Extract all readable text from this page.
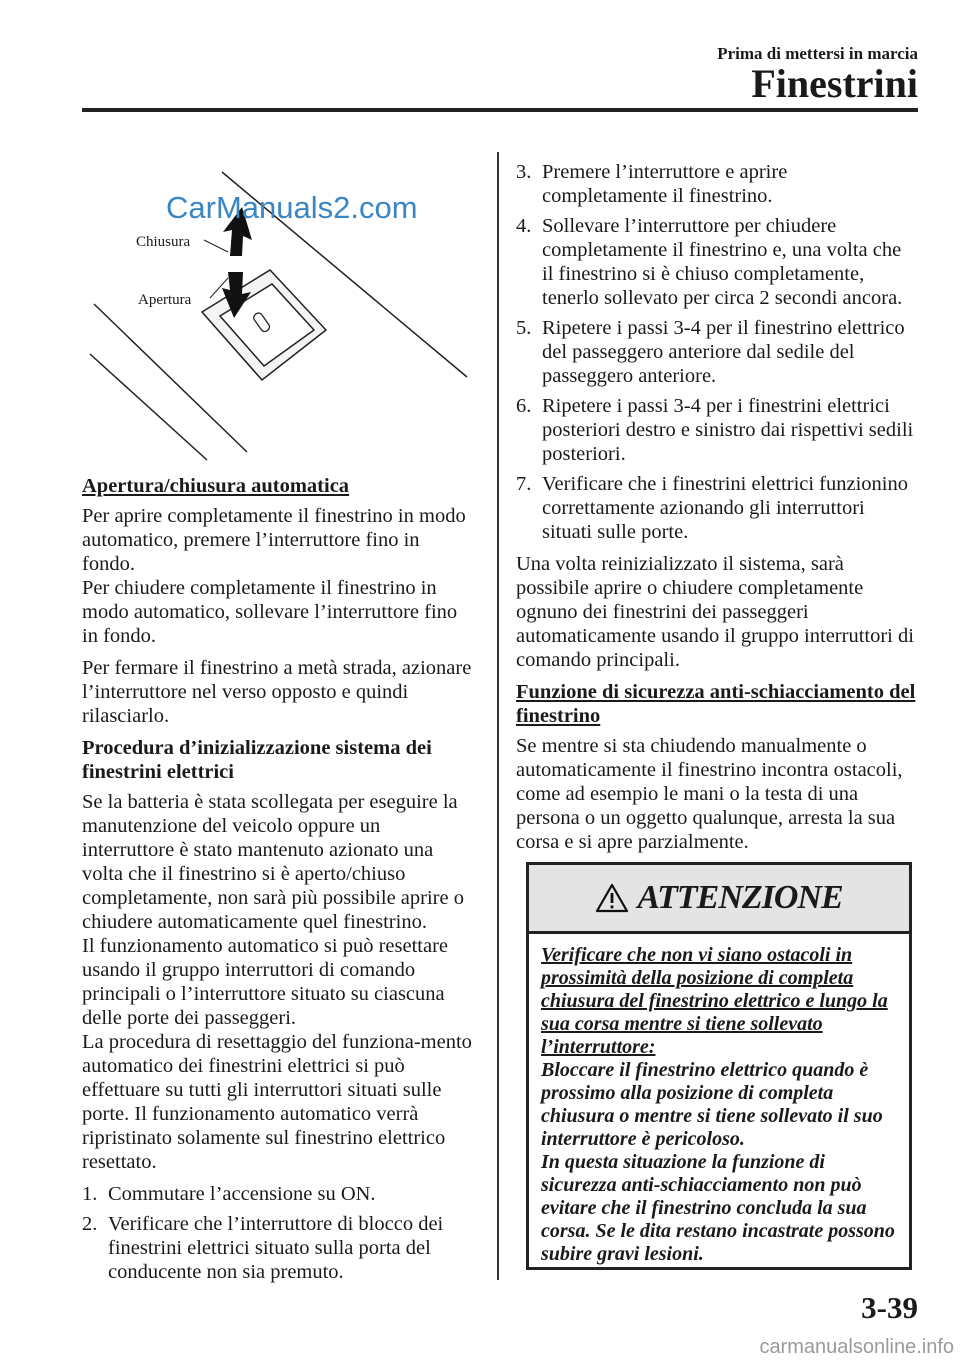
Prima di mettersi in marcia
Finestrini
CarManuals2.com
Chiusura
Apertura

Apertura/chiusura automatica

Per aprire completamente il finestrino in modo automatico, premere l’interruttore fino in fondo.

Per chiudere completamente il finestrino in modo automatico, sollevare l’interruttore fino in fondo.

Per fermare il finestrino a metà strada, azionare l’interruttore nel verso opposto e quindi rilasciarlo.

Procedura d’inizializzazione sistema dei finestrini elettrici

Se la batteria è stata scollegata per eseguire la manutenzione del veicolo oppure un interruttore è stato mantenuto azionato una volta che il finestrino si è aperto/chiuso completamente, non sarà più possibile aprire o chiudere automaticamente quel finestrino.

Il funzionamento automatico si può resettare usando il gruppo interruttori di comando principali o l’interruttore situato su ciascuna delle porte dei passeggeri.

La procedura di resettaggio del funziona-mento automatico dei finestrini elettrici si può effettuare su tutti gli interruttori situati sulle porte. Il funzionamento automatico verrà ripristinato solamente sul finestrino elettrico resettato.

1. Commutare l’accensione su ON.
2. Verificare che l’interruttore di blocco dei finestrini elettrici situato sulla porta del conducente non sia premuto.
3. Premere l’interruttore e aprire completamente il finestrino.
4. Sollevare l’interruttore per chiudere completamente il finestrino e, una volta che il finestrino si è chiuso completamente, tenerlo sollevato per circa 2 secondi ancora.
5. Ripetere i passi 3-4 per il finestrino elettrico del passeggero anteriore dal sedile del passeggero anteriore.
6. Ripetere i passi 3-4 per i finestrini elettrici posteriori destro e sinistro dai rispettivi sedili posteriori.
7. Verificare che i finestrini elettrici funzionino correttamente azionando gli interruttori situati sulle porte.

Una volta reinizializzato il sistema, sarà possibile aprire o chiudere completamente ognuno dei finestrini dei passeggeri automaticamente usando il gruppo interruttori di comando principali.

Funzione di sicurezza anti-schiacciamento del finestrino

Se mentre si sta chiudendo manualmente o automaticamente il finestrino incontra ostacoli, come ad esempio le mani o la testa di una persona o un oggetto qualunque, arresta la sua corsa e si apre parzialmente.

ATTENZIONE
Verificare che non vi siano ostacoli in prossimità della posizione di completa chiusura del finestrino elettrico e lungo la sua corsa mentre si tiene sollevato l’interruttore:
Bloccare il finestrino elettrico quando è prossimo alla posizione di completa chiusura o mentre si tiene sollevato il suo interruttore è pericoloso.
In questa situazione la funzione di sicurezza anti-schiacciamento non può evitare che il finestrino concluda la sua corsa. Se le dita restano incastrate possono subire gravi lesioni.
3-39
carmanualsonline.info
